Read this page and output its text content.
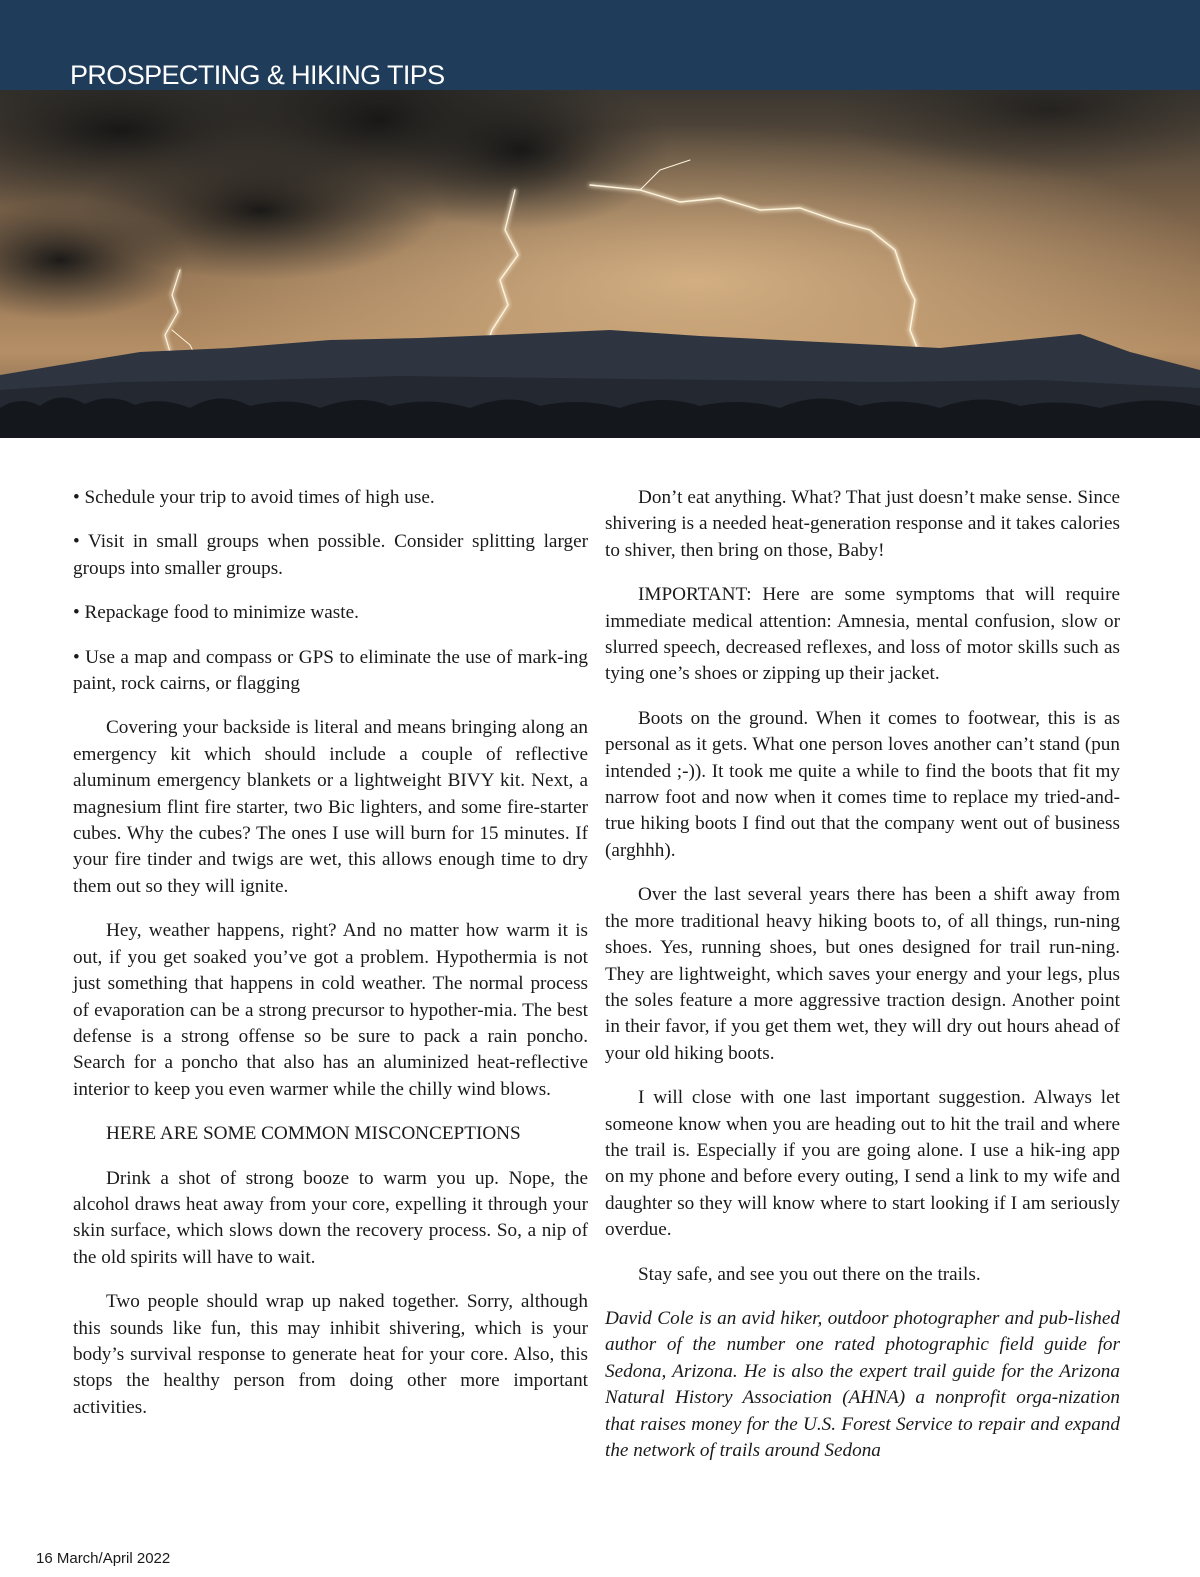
PROSPECTING & HIKING TIPS

• Schedule your trip to avoid times of high use.

• Visit in small groups when possible. Consider splitting larger groups into smaller groups.

• Repackage food to minimize waste.

• Use a map and compass or GPS to eliminate the use of mark-ing paint, rock cairns, or flagging

Covering your backside is literal and means bringing along an emergency kit which should include a couple of reflective aluminum emergency blankets or a lightweight BIVY kit. Next, a magnesium flint fire starter, two Bic lighters, and some fire-starter cubes. Why the cubes? The ones I use will burn for 15 minutes. If your fire tinder and twigs are wet, this allows enough time to dry them out so they will ignite.

Hey, weather happens, right? And no matter how warm it is out, if you get soaked you’ve got a problem. Hypothermia is not just something that happens in cold weather. The normal process of evaporation can be a strong precursor to hypother-mia. The best defense is a strong offense so be sure to pack a rain poncho. Search for a poncho that also has an aluminized heat-reflective interior to keep you even warmer while the chilly wind blows.

HERE ARE SOME COMMON MISCONCEPTIONS

Drink a shot of strong booze to warm you up. Nope, the alcohol draws heat away from your core, expelling it through your skin surface, which slows down the recovery process. So, a nip of the old spirits will have to wait.

Two people should wrap up naked together. Sorry, although this sounds like fun, this may inhibit shivering, which is your body’s survival response to generate heat for your core. Also, this stops the healthy person from doing other more important activities.

Don’t eat anything. What? That just doesn’t make sense. Since shivering is a needed heat-generation response and it takes calories to shiver, then bring on those, Baby!

IMPORTANT: Here are some symptoms that will require immediate medical attention: Amnesia, mental confusion, slow or slurred speech, decreased reflexes, and loss of motor skills such as tying one’s shoes or zipping up their jacket.

Boots on the ground. When it comes to footwear, this is as personal as it gets. What one person loves another can’t stand (pun intended ;-)). It took me quite a while to find the boots that fit my narrow foot and now when it comes time to replace my tried-and-true hiking boots I find out that the company went out of business (arghhh).

Over the last several years there has been a shift away from the more traditional heavy hiking boots to, of all things, run-ning shoes. Yes, running shoes, but ones designed for trail run-ning. They are lightweight, which saves your energy and your legs, plus the soles feature a more aggressive traction design. Another point in their favor, if you get them wet, they will dry out hours ahead of your old hiking boots.

I will close with one last important suggestion. Always let someone know when you are heading out to hit the trail and where the trail is. Especially if you are going alone. I use a hik-ing app on my phone and before every outing, I send a link to my wife and daughter so they will know where to start looking if I am seriously overdue.

Stay safe, and see you out there on the trails.

David Cole is an avid hiker, outdoor photographer and pub-lished author of the number one rated photographic field guide for Sedona, Arizona. He is also the expert trail guide for the Arizona Natural History Association (AHNA) a nonprofit orga-nization that raises money for the U.S. Forest Service to repair and expand the network of trails around Sedona

16 March/April 2022
